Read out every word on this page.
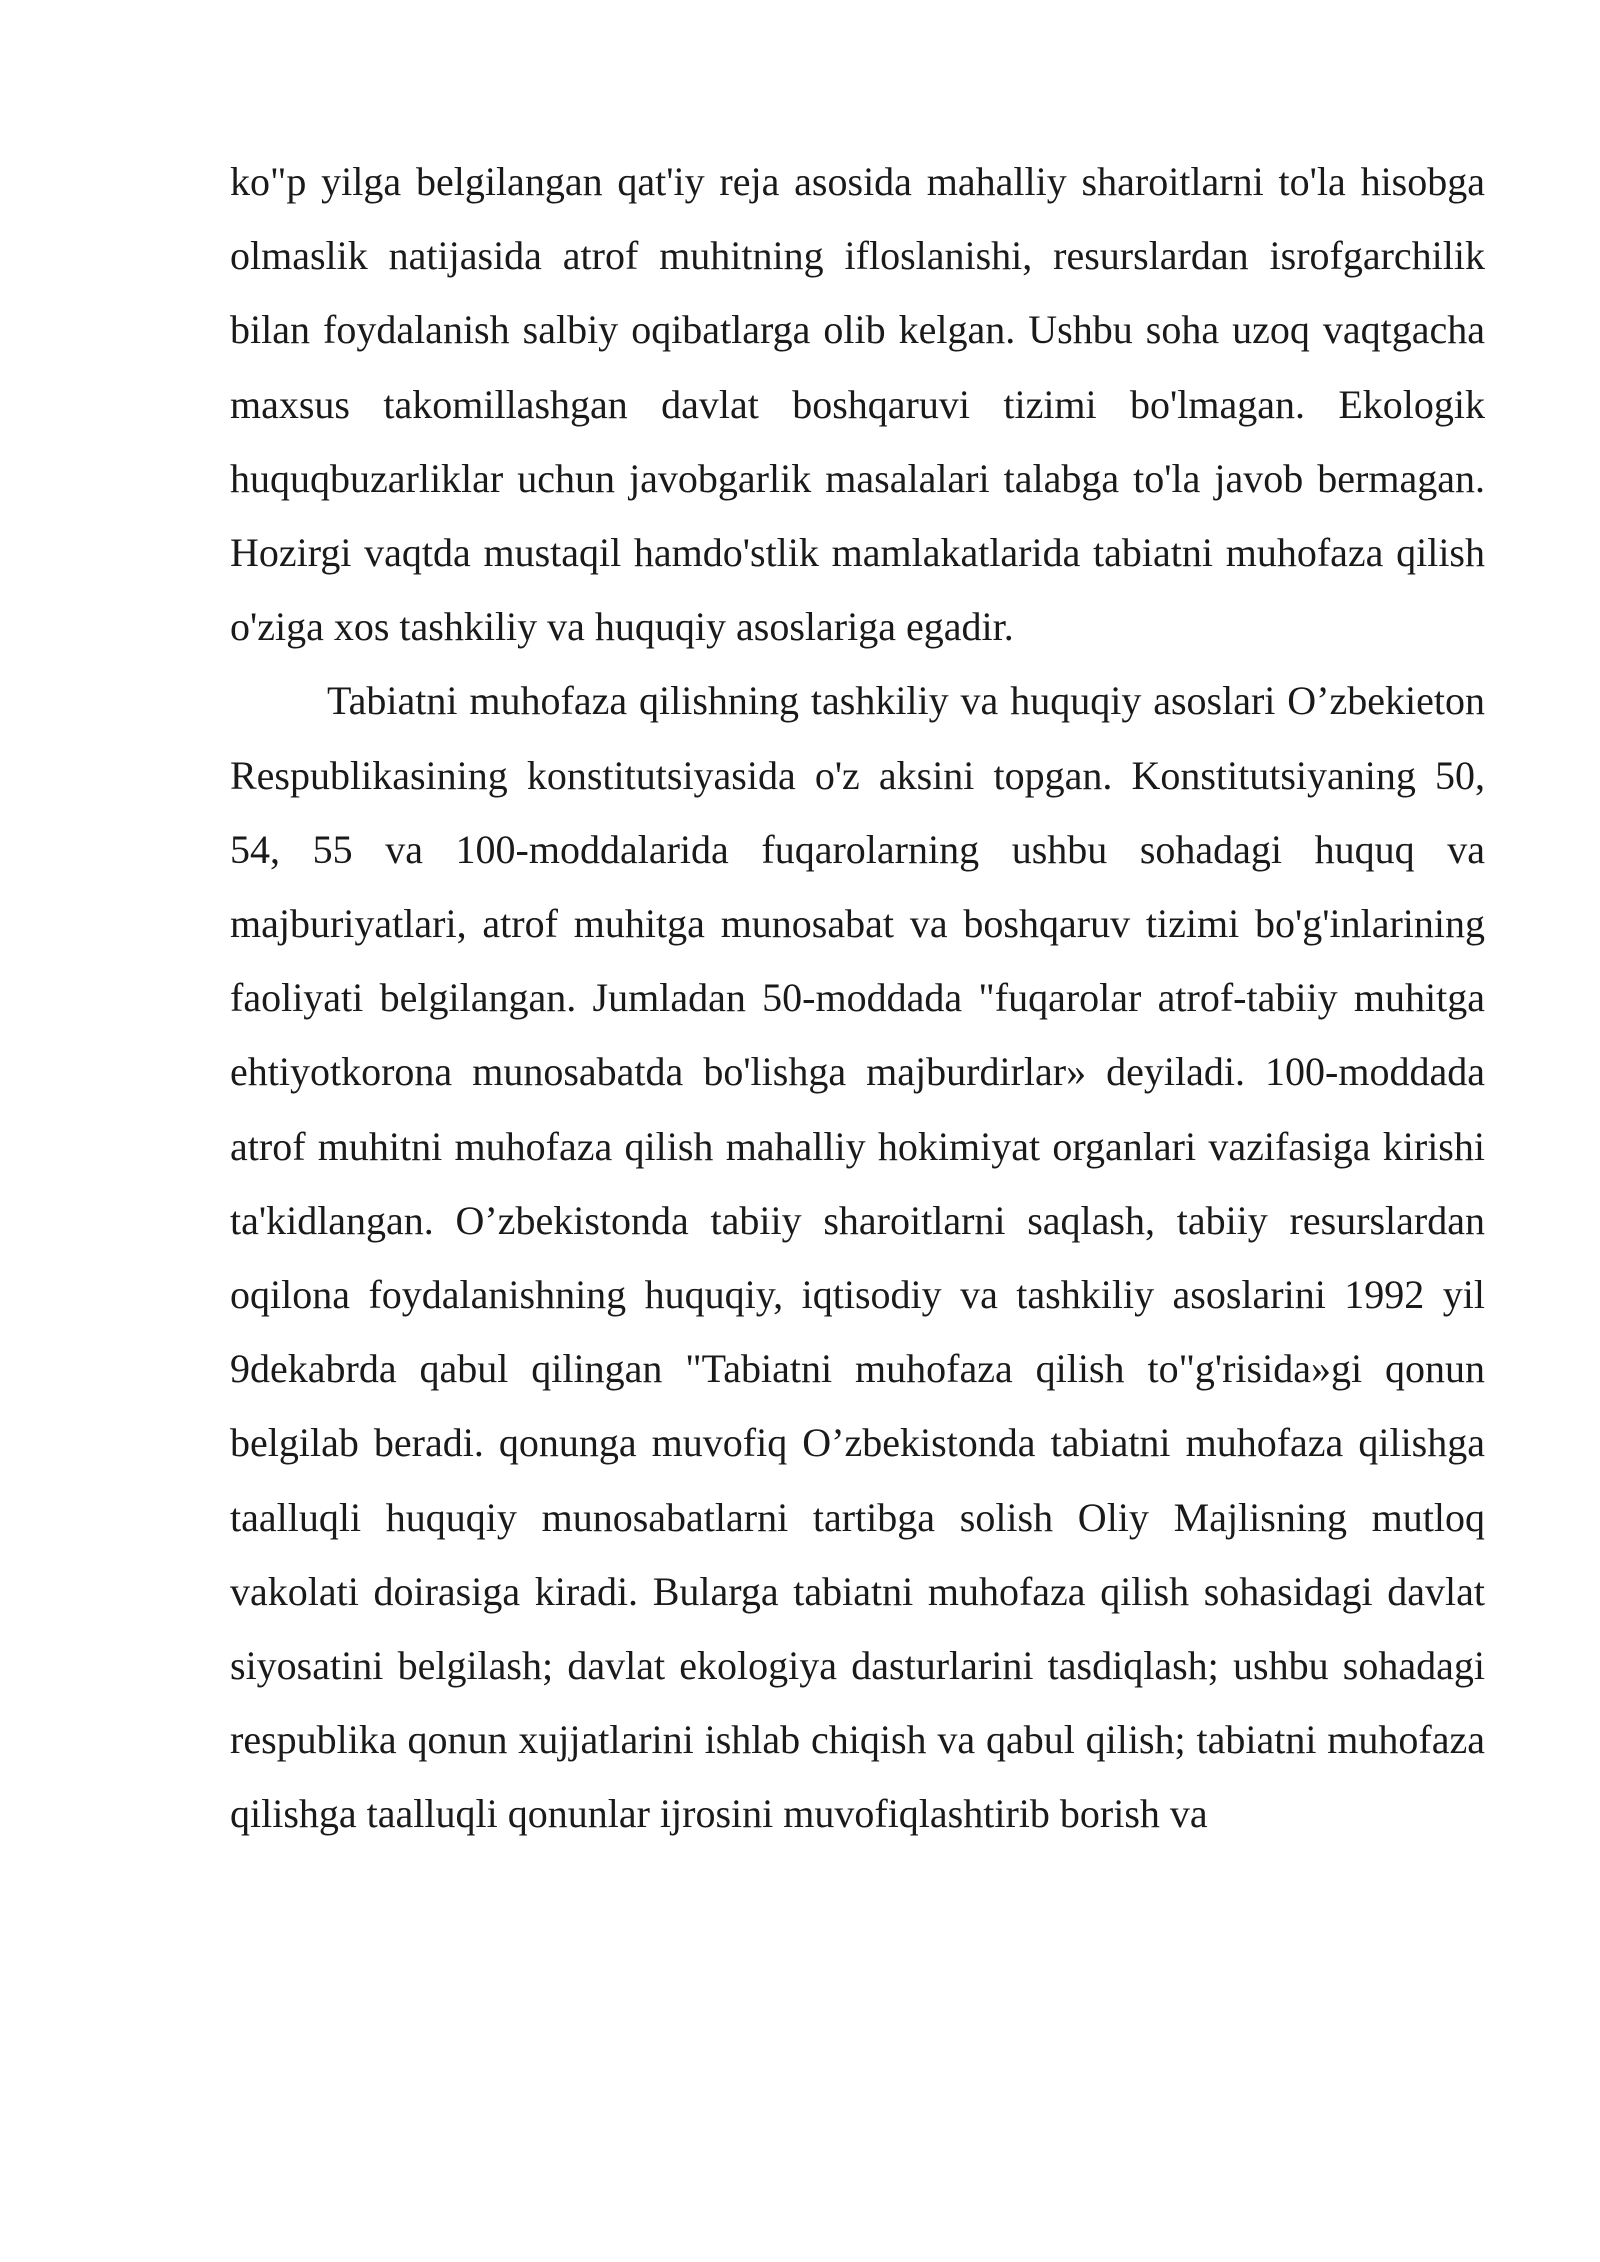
ko"p yilga belgilangan qat'iy reja asosida mahalliy sharoitlarni to'la hisobga olmaslik natijasida atrof muhitning ifloslanishi, resurslardan isrofgarchilik bilan foydalanish salbiy oqibatlarga olib kelgan. Ushbu soha uzoq vaqtgacha maxsus takomillashgan davlat boshqaruvi tizimi bo'lmagan. Ekologik huquqbuzarliklar uchun javobgarlik masalalari talabga to'la javob bermagan. Hozirgi vaqtda mustaqil hamdo'stlik mamlakatlarida tabiatni muhofaza qilish o'ziga xos tashkiliy va huquqiy asoslariga egadir.

Tabiatni muhofaza qilishning tashkiliy va huquqiy asoslari O’zbekieton Respublikasining konstitutsiyasida o'z aksini topgan. Konstitutsiyaning 50, 54, 55 va 100-moddalarida fuqarolarning ushbu sohadagi huquq va majburiyatlari, atrof muhitga munosabat va boshqaruv tizimi bo'g'inlarining faoliyati belgilangan. Jumladan 50-moddada "fuqarolar atrof-tabiiy muhitga ehtiyotkorona munosabatda bo'lishga majburdirlar» deyiladi. 100-moddada atrof muhitni muhofaza qilish mahalliy hokimiyat organlari vazifasiga kirishi ta'kidlangan. O’zbekistonda tabiiy sharoitlarni saqlash, tabiiy resurslardan oqilona foydalanishning huquqiy, iqtisodiy va tashkiliy asoslarini 1992 yil 9dekabrda qabul qilingan "Tabiatni muhofaza qilish to"g'risida»gi qonun belgilab beradi. qonunga muvofiq O’zbekistonda tabiatni muhofaza qilishga taalluqli huquqiy munosabatlarni tartibga solish Oliy Majlisning mutloq vakolati doirasiga kiradi. Bularga tabiatni muhofaza qilish sohasidagi davlat siyosatini belgilash; davlat ekologiya dasturlarini tasdiqlash; ushbu sohadagi respublika qonun xujjatlarini ishlab chiqish va qabul qilish; tabiatni muhofaza qilishga taalluqli qonunlar ijrosini muvofiqlashtirib borish va
